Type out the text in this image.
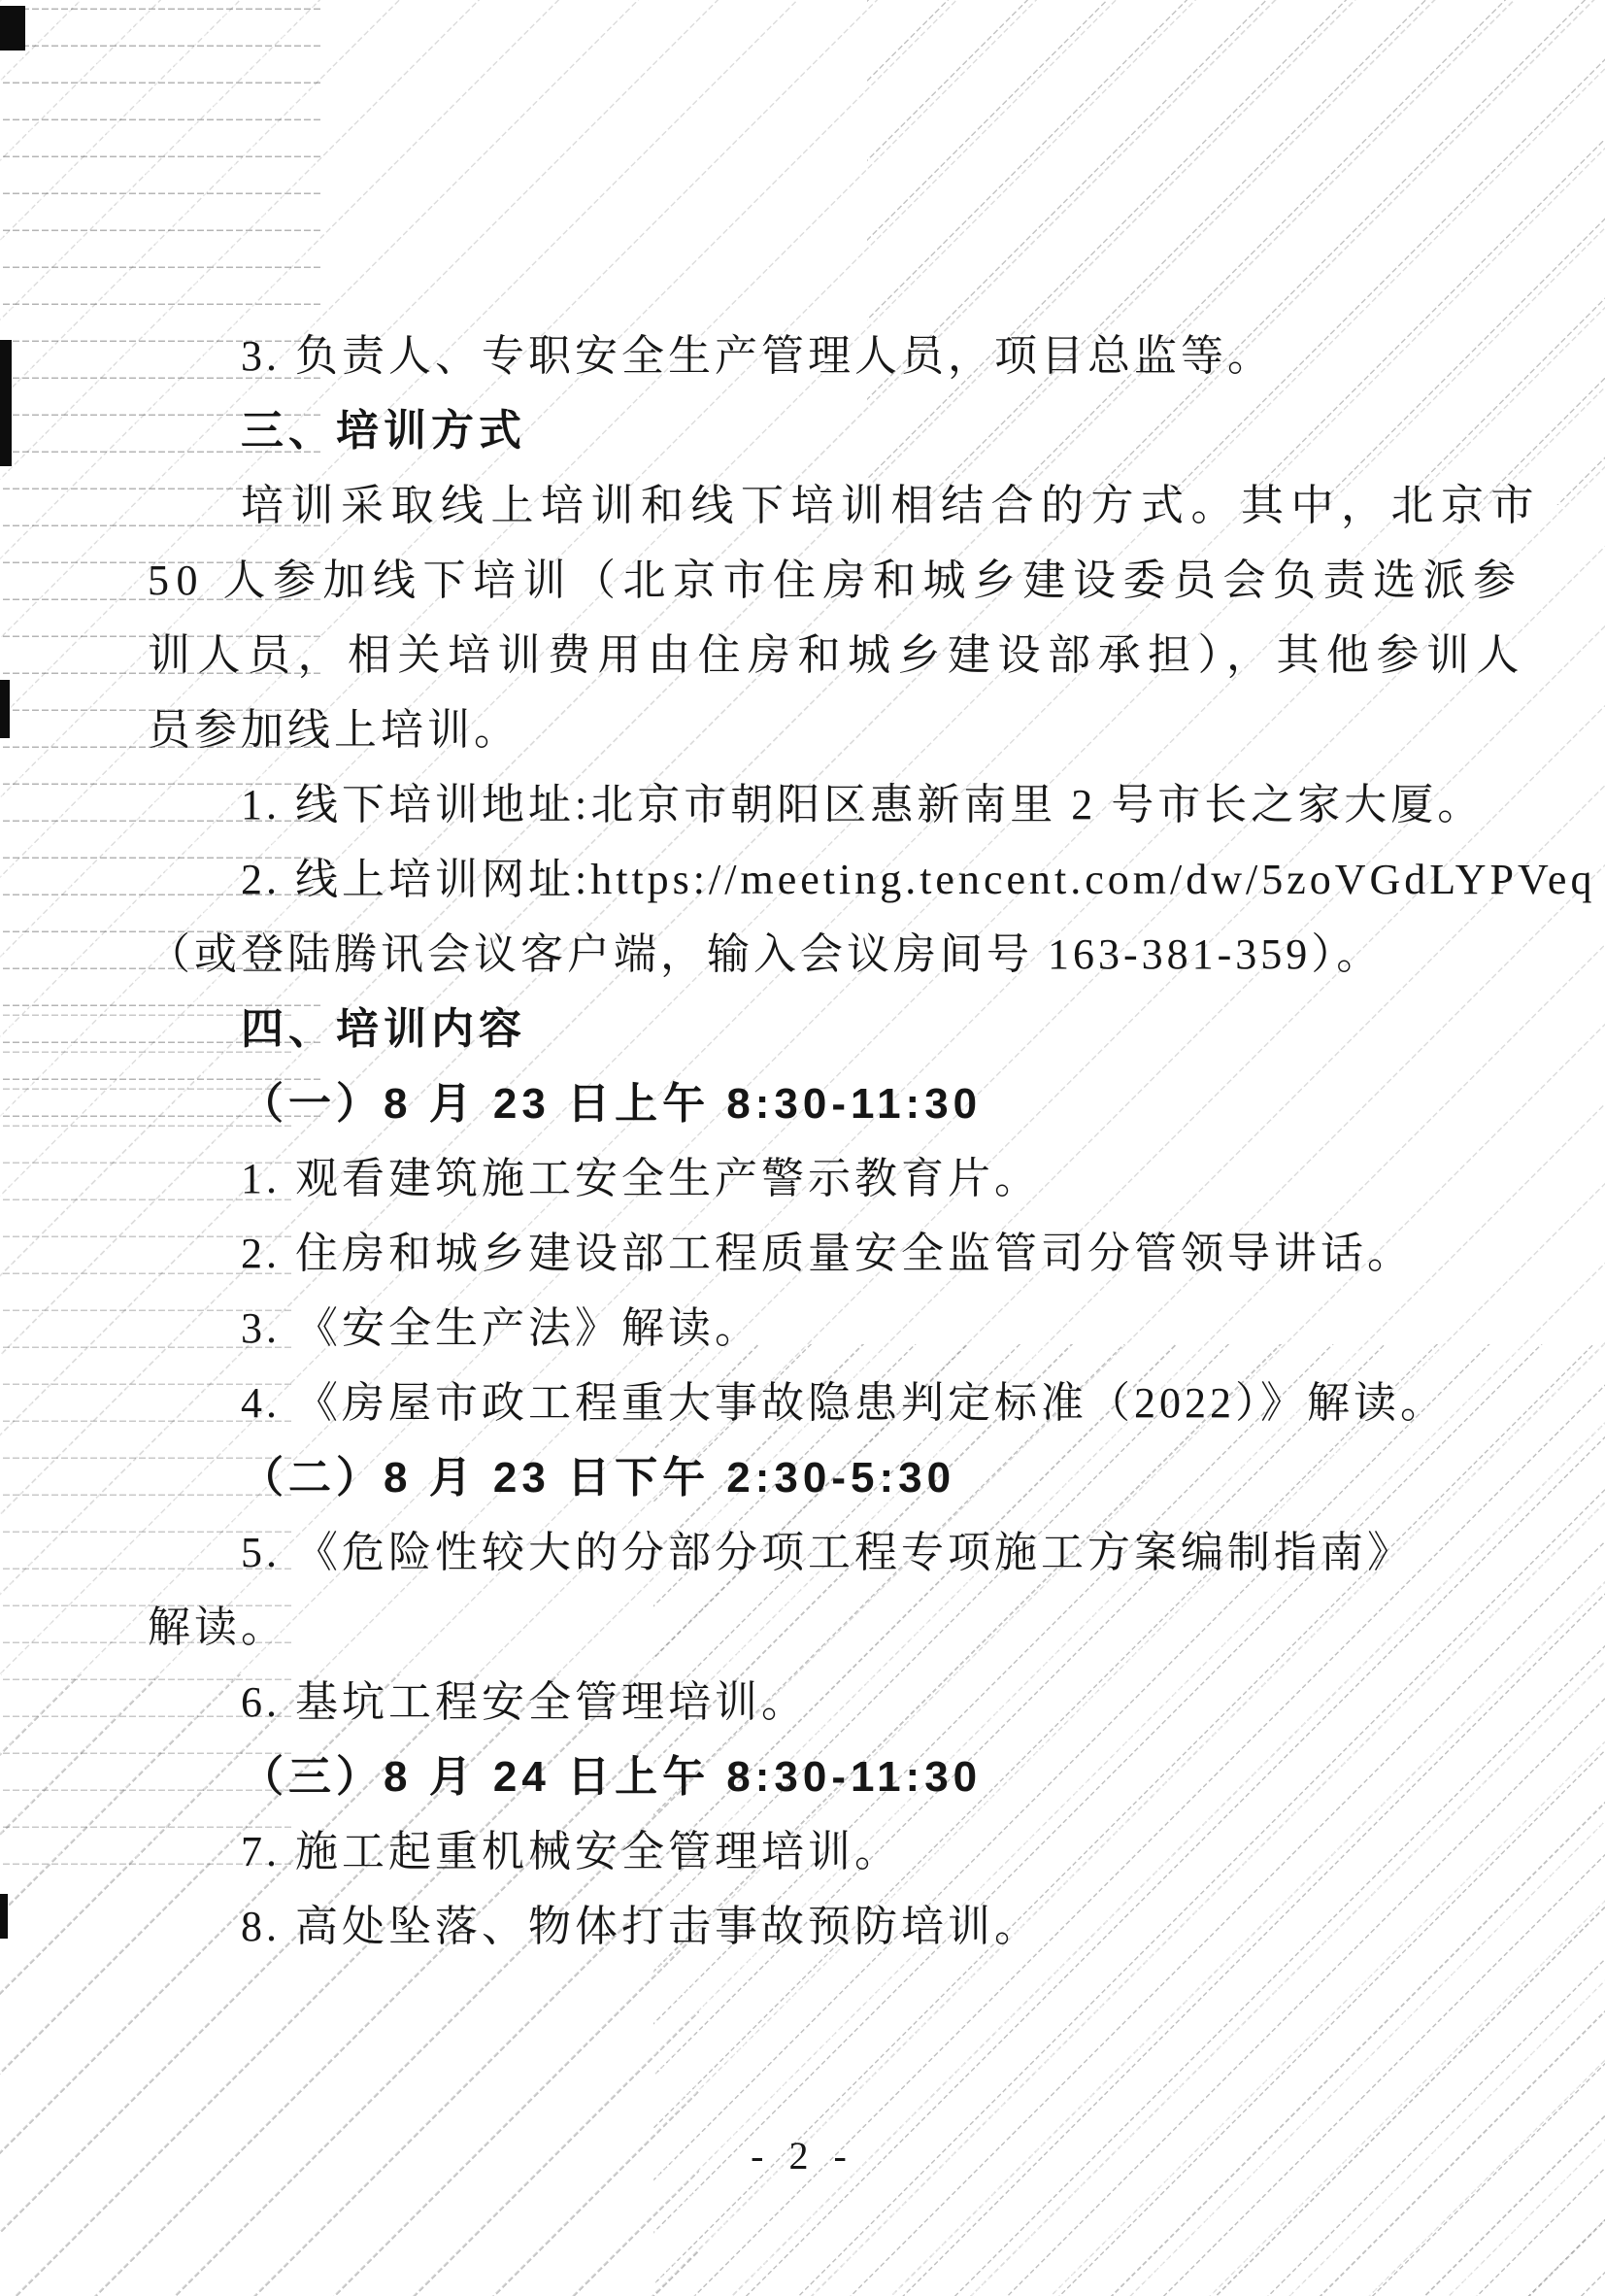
3. 负责人、专职安全生产管理人员，项目总监等。

三、培训方式

培训采取线上培训和线下培训相结合的方式。其中，北京市

50 人参加线下培训（北京市住房和城乡建设委员会负责选派参

训人员，相关培训费用由住房和城乡建设部承担），其他参训人

员参加线上培训。

1. 线下培训地址:北京市朝阳区惠新南里 2 号市长之家大厦。

2. 线上培训网址:https://meeting.tencent.com/dw/5zoVGdLYPVeq

（或登陆腾讯会议客户端，输入会议房间号 163-381-359）。

四、培训内容

（一）8 月 23 日上午 8:30-11:30

1. 观看建筑施工安全生产警示教育片。

2. 住房和城乡建设部工程质量安全监管司分管领导讲话。

3. 《安全生产法》解读。

4. 《房屋市政工程重大事故隐患判定标准（2022）》解读。

（二）8 月 23 日下午 2:30-5:30

5. 《危险性较大的分部分项工程专项施工方案编制指南》

解读。

6. 基坑工程安全管理培训。

（三）8 月 24 日上午 8:30-11:30

7. 施工起重机械安全管理培训。

8. 高处坠落、物体打击事故预防培训。

- 2 -
